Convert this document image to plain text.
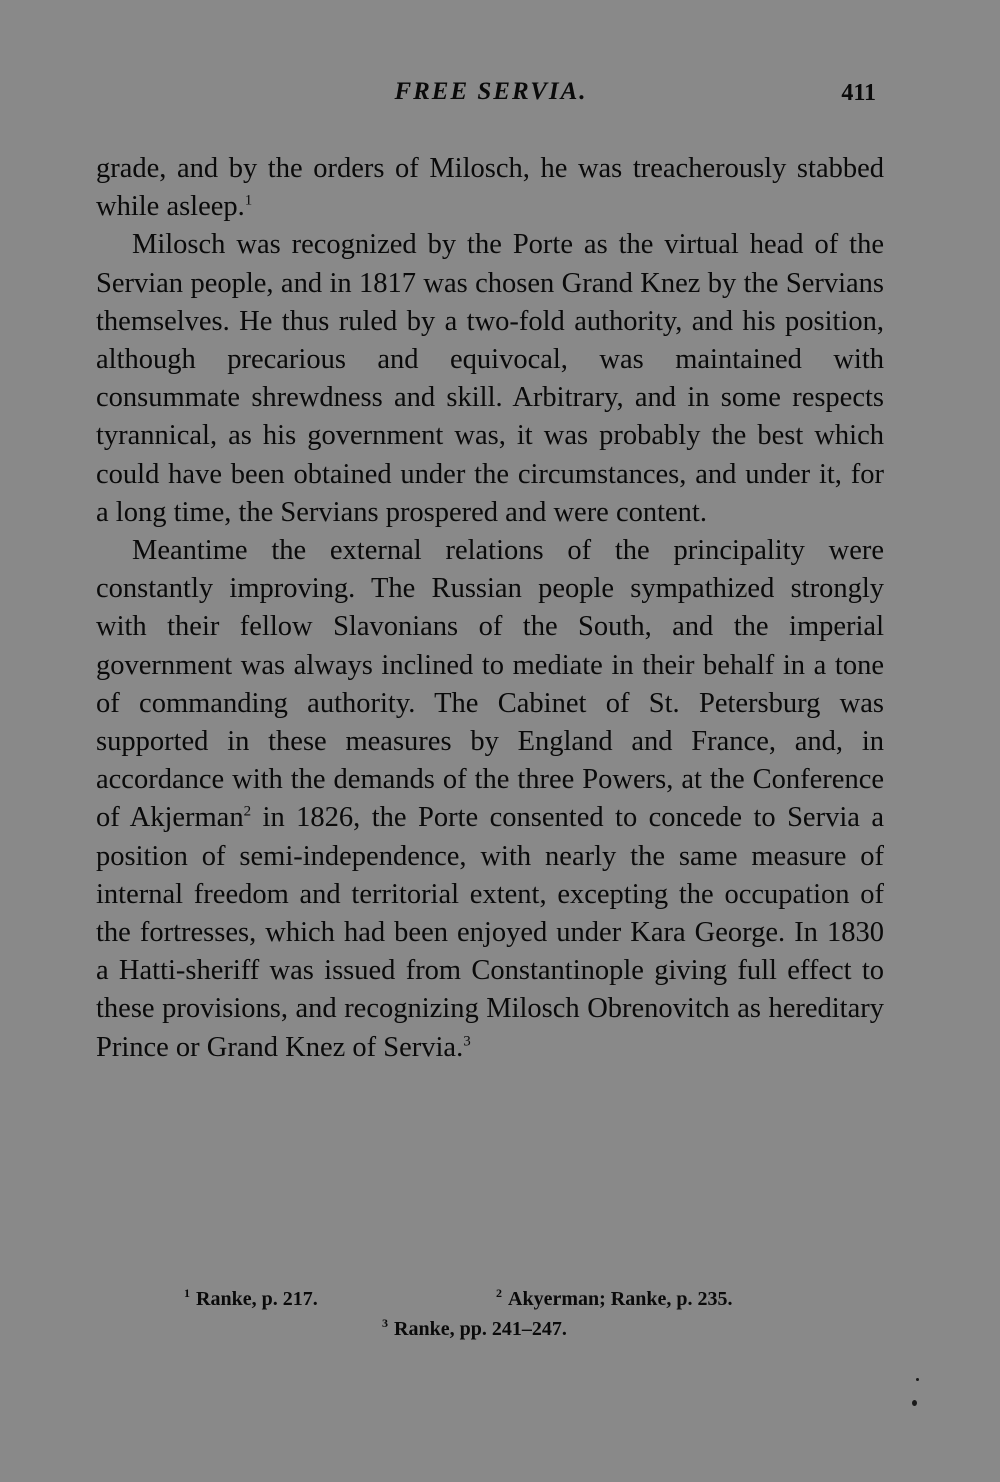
FREE SERVIA.	411

grade, and by the orders of Milosch, he was treacherously stabbed while asleep.$^1$

Milosch was recognized by the Porte as the virtual head of the Servian people, and in 1817 was chosen Grand Knez by the Servians themselves. He thus ruled by a two-fold authority, and his position, although precarious and equivocal, was maintained with consummate shrewdness and skill. Arbitrary, and in some respects tyrannical, as his government was, it was probably the best which could have been obtained under the circumstances, and under it, for a long time, the Servians prospered and were content.

Meantime the external relations of the principality were constantly improving. The Russian people sympathized strongly with their fellow Slavonians of the South, and the imperial government was always inclined to mediate in their behalf in a tone of commanding authority. The Cabinet of St. Petersburg was supported in these measures by England and France, and, in accordance with the demands of the three Powers, at the Conference of Akjerman$^2$ in 1826, the Porte consented to concede to Servia a position of semi-independence, with nearly the same measure of internal freedom and territorial extent, excepting the occupation of the fortresses, which had been enjoyed under Kara George. In 1830 a Hatti-sheriff was issued from Constantinople giving full effect to these provisions, and recognizing Milosch Obrenovitch as hereditary Prince or Grand Knez of Servia.$^3$

$^1$ Ranke, p. 217.	$^2$ Akyerman; Ranke, p. 235.
$^3$ Ranke, pp. 241–247.
